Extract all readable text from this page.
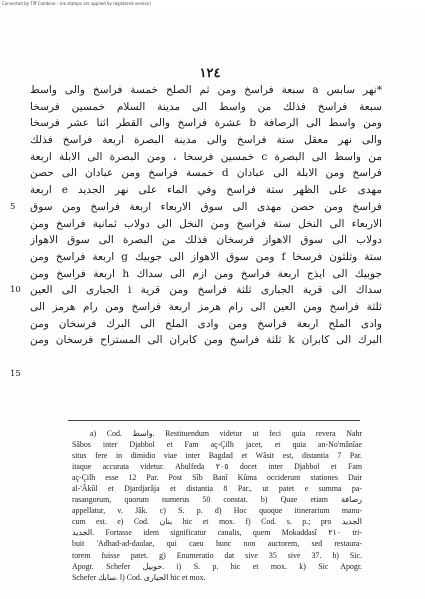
Converted by Tiff Combine - (no stamps are applied by registered version)
١٢٤
*نهر سابس a سبعة فراسخ ومن ثم الصلح خمسة فراسخ والى واسط
سبعة فراسخ فذلك من واسط الى مدينة السلام خمسين فرسخا
ومن واسط الى الرصافة b عشرة فراسخ والى القطر اثنا عشر فرسخا
والى نهر معقل ستة فراسخ والى مدينة البصرة اربعة فراسخ فذلك
من واسط الى البصرة c خمسين فرسخا ، ومن البصرة الى الابلة اربعة
فراسخ ومن الابلة الى عبادان d خمسة فراسخ ومن عبادان الى حصن
مهدى على الظهر ستة فراسخ وفي الماء على نهر الجديد e اربعة
فراسخ ومن حصن مهدى الى سوق الاربعاء اربعة فراسخ ومن سوق
الاربعاء الى النخل ستة فراسخ ومن النخل الى دولاب ثمانية فراسخ ومن
دولاب الى سوق الاهواز فرسخان فذلك من البصرة الى سوق الاهواز
ستة وثلثون فرسخا f ومن سوق الاهواز الى جوبيك g اربعة فراسخ ومن
جوبيك الى ايذج اربعة فراسخ ومن ازم الى سداك h اربعة فراسخ ومن
سداك الى قرية الجبارى ثلثة فراسخ ومن قرية i الجبارى الى العين
ثلثة فراسخ ومن العين الى رام هرمز اربعة فراسخ ومن رام هرمز الى
وادى الملح اربعة فراسخ ومن وادى الملح الى البرك فرسخان ومن
البرك الى كابران k ثلثة فراسخ ومن كابران الى المستراح فرسخان ومن
a) Cod. واسط. Restituendum videtur ut feci quia revera Nahr
Sâbos inter Djabbol et Fam aç-Çilh jacet, et quia an-No'mânîae
situs fere in dimidio viae inter Bagdad et Wâsit est, distantia 7 Par.
itaque accurata videtur. Abulfeda ٢٠٥ docet inter Djabbol et Fam
aç-Çilh esse 12 Par. Post Sîb Banî Kûma occiderunt stationes Dair
al-'Âkûl et Djardjarâja et distantia 8 Par., ut patet e summa pa-
rasangorum, quorum numerus 50 constat. b) Quae etiam رصافة
appellatur, v. Jâk. c) S. p. d) Hoc quoque itinerarium manu-
cum est. e) Cod. بنان hic et mox. f) Cod. s. p.; pro الجديد
الجديد. Fortasse idem significatur canalis, quem Mokaddasî ٢١٠ tri-
buit 'Adhad-ad-daulae, qui caeu hunc non auctorem, sed restaura-
torem fuisse patet. g) Enumeratio dat sive 35 sive 37. h) Sic.
Apogr. Schefer حوبيل. i) S. p. hic et mox. k) Sic Apogr.
Schefer سابك. l) Cod. الحيارى hic et mox.
5
10
15
